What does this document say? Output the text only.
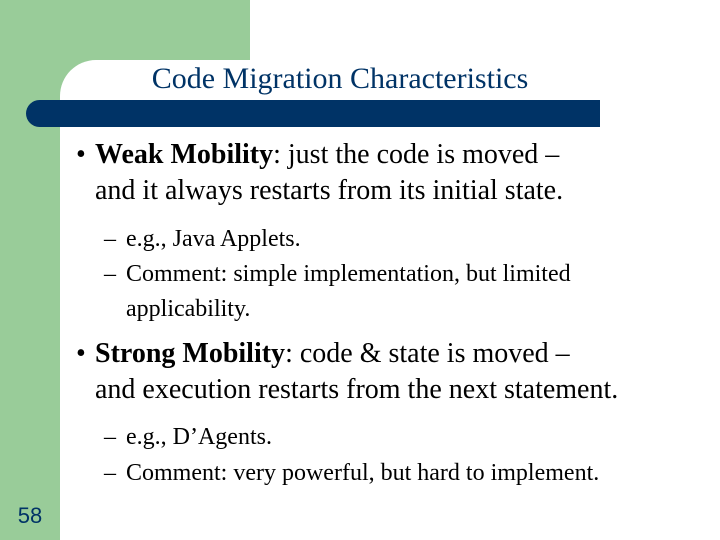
Code Migration Characteristics
• Weak Mobility: just the code is moved –
and it always restarts from its initial state.
– e.g., Java Applets.
– Comment: simple implementation, but limited
applicability.
• Strong Mobility: code & state is moved –
and execution restarts from the next statement.
– e.g., D’Agents.
– Comment: very powerful, but hard to implement.
58
